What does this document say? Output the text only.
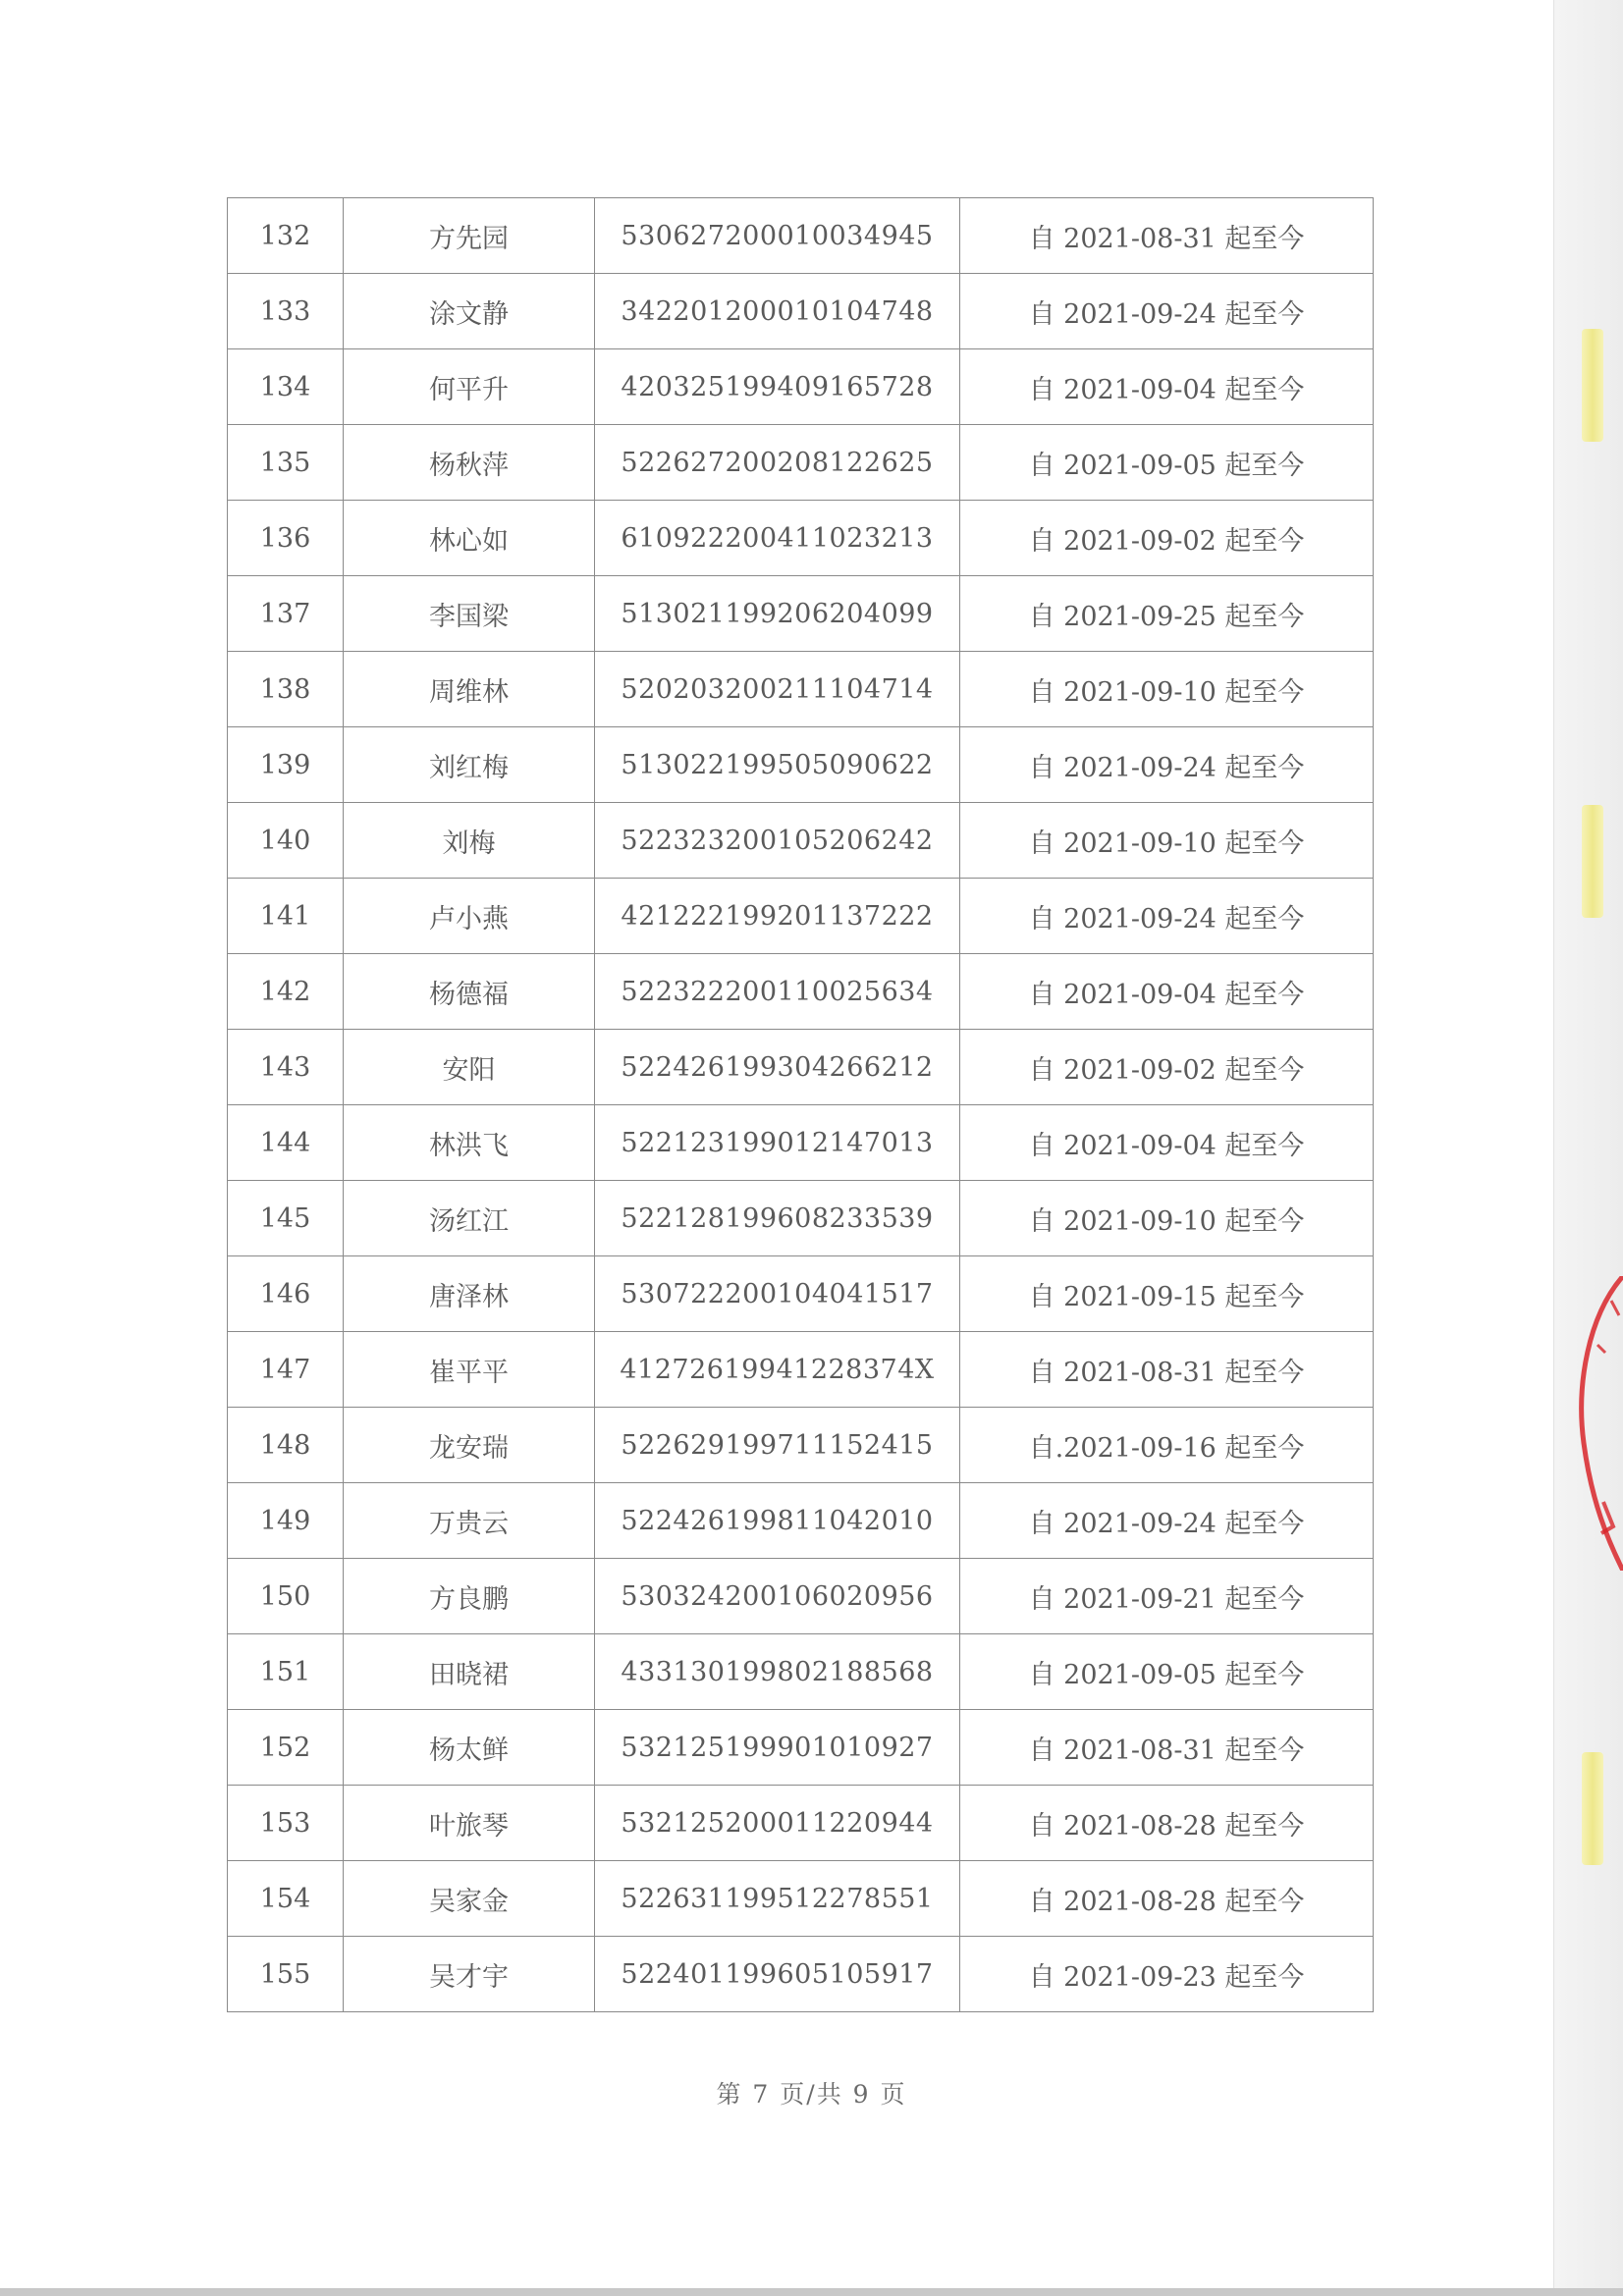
132	方先园	530627200010034945	自 2021-08-31 起至今
133	涂文静	342201200010104748	自 2021-09-24 起至今
134	何平升	420325199409165728	自 2021-09-04 起至今
135	杨秋萍	522627200208122625	自 2021-09-05 起至今
136	林心如	610922200411023213	自 2021-09-02 起至今
137	李国梁	513021199206204099	自 2021-09-25 起至今
138	周维林	520203200211104714	自 2021-09-10 起至今
139	刘红梅	513022199505090622	自 2021-09-24 起至今
140	刘梅	522323200105206242	自 2021-09-10 起至今
141	卢小燕	421222199201137222	自 2021-09-24 起至今
142	杨德福	522322200110025634	自 2021-09-04 起至今
143	安阳	522426199304266212	自 2021-09-02 起至今
144	林洪飞	522123199012147013	自 2021-09-04 起至今
145	汤红江	522128199608233539	自 2021-09-10 起至今
146	唐泽林	530722200104041517	自 2021-09-15 起至今
147	崔平平	41272619941228374X	自 2021-08-31 起至今
148	龙安瑞	522629199711152415	自.2021-09-16 起至今
149	万贵云	522426199811042010	自 2021-09-24 起至今
150	方良鹏	530324200106020956	自 2021-09-21 起至今
151	田晓裙	433130199802188568	自 2021-09-05 起至今
152	杨太鲜	532125199901010927	自 2021-08-31 起至今
153	叶旅琴	532125200011220944	自 2021-08-28 起至今
154	吴家金	522631199512278551	自 2021-08-28 起至今
155	吴才宇	522401199605105917	自 2021-09-23 起至今
第 7 页/共 9 页
